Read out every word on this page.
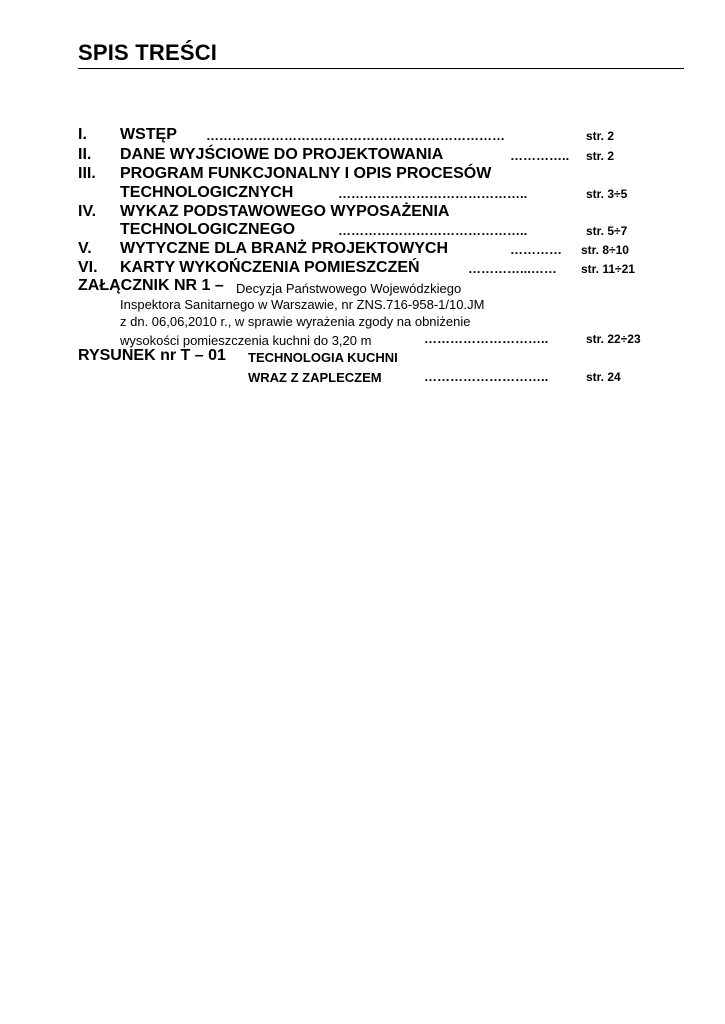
SPIS TREŚCI
I. WSTĘP ……………………………………………………………	str. 2
II. DANE WYJŚCIOWE DO PROJEKTOWANIA	………….. str. 2
III. PROGRAM FUNKCJONALNY I OPIS PROCESÓW
TECHNOLOGICZNYCH	……………………………………..	str. 3÷5
IV. WYKAZ PODSTAWOWEGO WYPOSAŻENIA
TECHNOLOGICZNEGO	……………………………………..	str. 5÷7
V. WYTYCZNE DLA BRANŻ PROJEKTOWYCH	………… str. 8÷10
VI. KARTY WYKOŃCZENIA POMIESZCZEŃ	…………...…… str. 11÷21
ZAŁĄCZNIK NR 1 – Decyzja Państwowego Wojewódzkiego
Inspektora Sanitarnego w Warszawie, nr ZNS.716-958-1/10.JM
z dn. 06,06,2010 r., w sprawie wyrażenia zgody na obniżenie
wysokości pomieszczenia kuchni do 3,20 m	………………………..	str. 22÷23
RYSUNEK nr T – 01 TECHNOLOGIA KUCHNI
WRAZ Z ZAPLECZEM	………………………..	str. 24
